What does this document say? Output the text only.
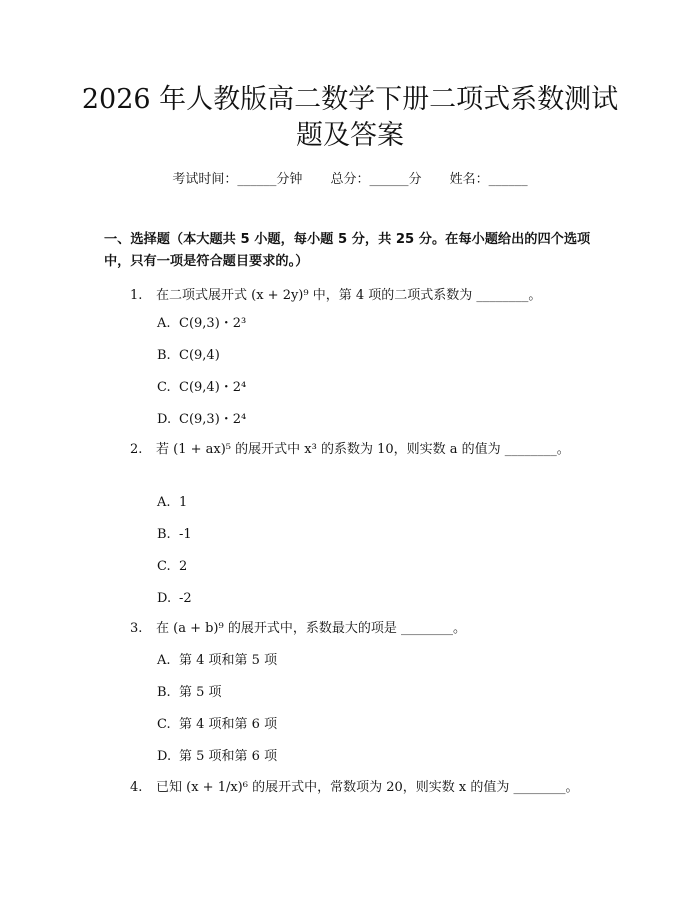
2026 年人教版高二数学下册二项式系数测试
题及答案
考试时间：______分钟 总分：______分 姓名：______

一、选择题（本大题共 5 小题，每小题 5 分，共 25 分。在每小题给出的四个选项中，只有一项是符合题目要求的。）

1. 在二项式展开式 (x + 2y)⁹ 中，第 4 项的二项式系数为 ________。
A. C(9,3)・2³
B. C(9,4)
C. C(9,4)・2⁴
D. C(9,3)・2⁴
2. 若 (1 + ax)⁵ 的展开式中 x³ 的系数为 10，则实数 a 的值为 ________。
A. 1
B. -1
C. 2
D. -2
3. 在 (a + b)⁹ 的展开式中，系数最大的项是 ________。
A. 第 4 项和第 5 项
B. 第 5 项
C. 第 4 项和第 6 项
D. 第 5 项和第 6 项
4. 已知 (x + 1/x)⁶ 的展开式中，常数项为 20，则实数 x 的值为 ________。
